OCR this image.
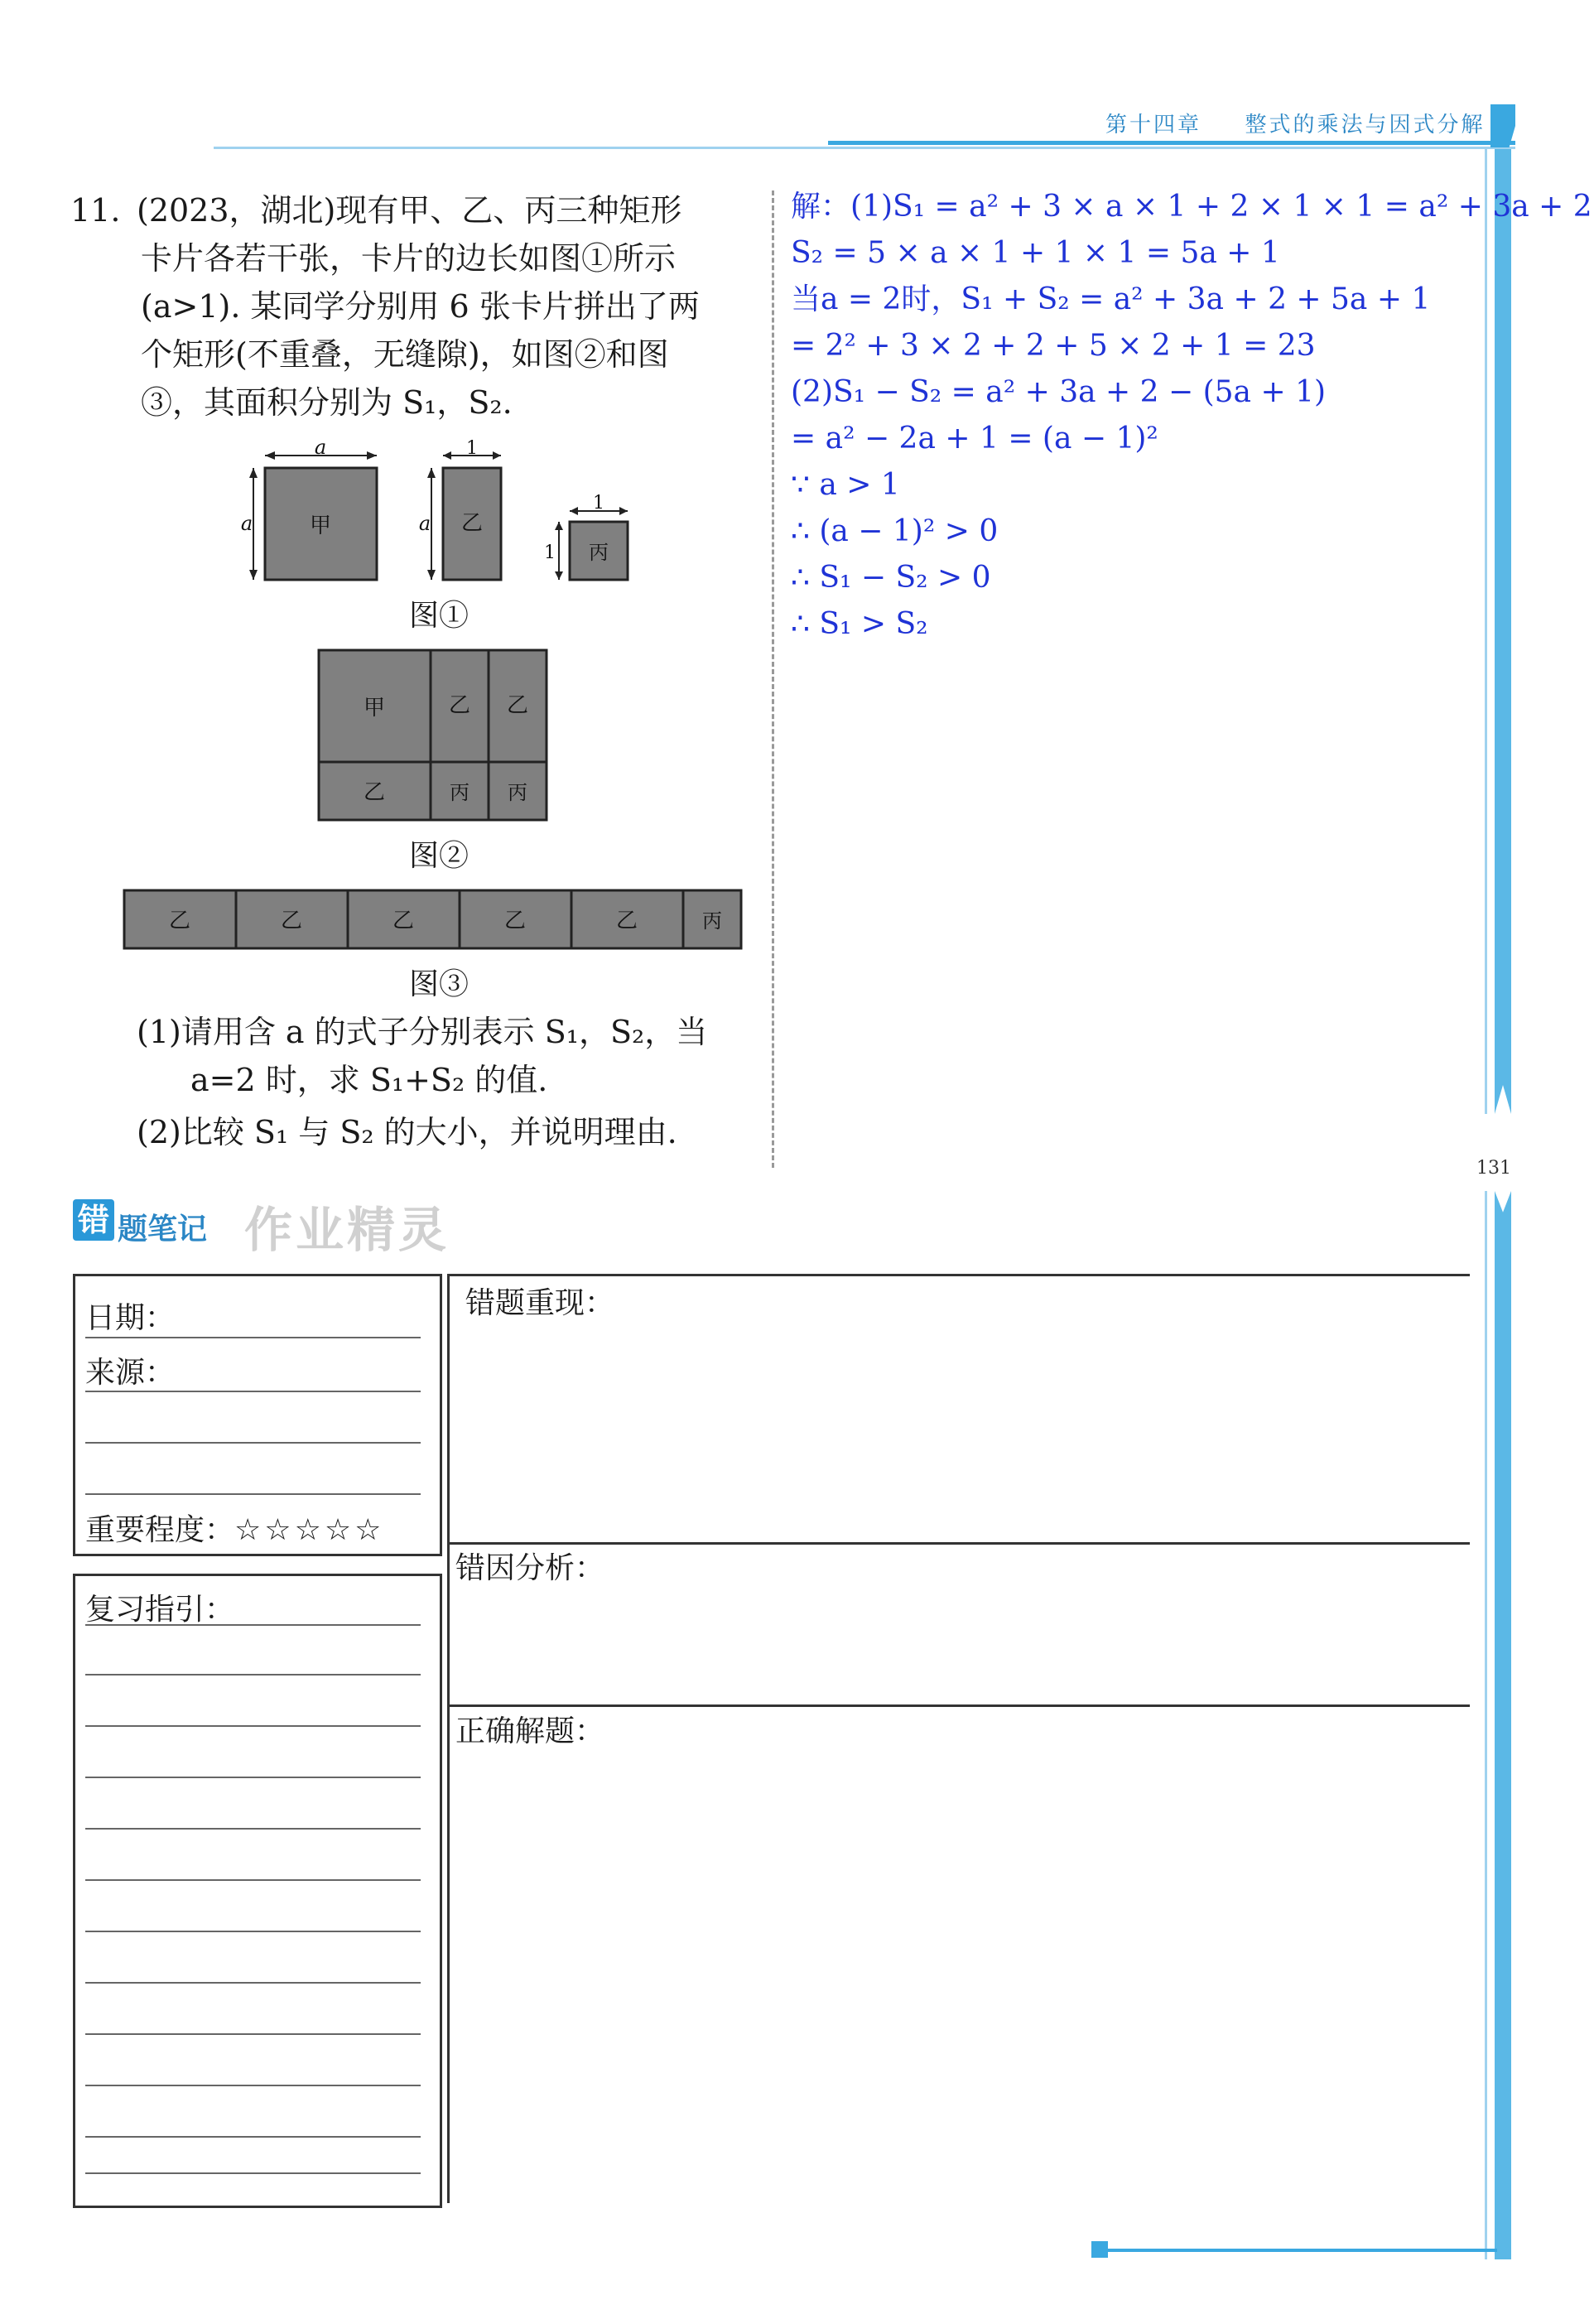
第十四章 整式的乘法与因式分解
131

11. (2023，湖北)现有甲、乙、丙三种矩形

卡片各若干张，卡片的边长如图①所示

(a>1). 某同学分别用 6 张卡片拼出了两

个矩形(不重叠，无缝隙)，如图②和图

③，其面积分别为 S₁，S₂.

甲
a
a	乙
1
a
丙
1
1
图①
甲	乙 乙
乙	丙 丙
图②
乙	乙	乙	乙	乙	丙
图③
(1)请用含 a 的式子分别表示 S₁，S₂，当
a=2 时，求 S₁+S₂ 的值.
(2)比较 S₁ 与 S₂ 的大小，并说明理由.

解：(1)S₁ = a² + 3 × a × 1 + 2 × 1 × 1 = a² + 3a + 2

S₂ = 5 × a × 1 + 1 × 1 = 5a + 1

当a = 2时，S₁ + S₂ = a² + 3a + 2 + 5a + 1

= 2² + 3 × 2 + 2 + 5 × 2 + 1 = 23

(2)S₁ − S₂ = a² + 3a + 2 − (5a + 1)

= a² − 2a + 1 = (a − 1)²

∵ a > 1

∴ (a − 1)² > 0

∴ S₁ − S₂ > 0

∴ S₁ > S₂

错 题笔记 作业精灵
日期：
来源：
重要程度：☆☆☆☆☆
复习指引：
错题重现：
错因分析：
正确解题：
